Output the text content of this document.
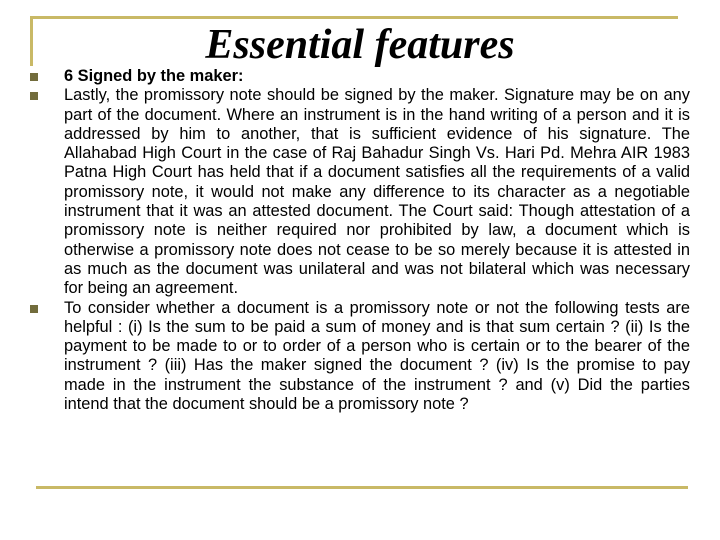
Essential features
6 Signed by the maker:
Lastly, the promissory note should be signed by the maker. Signature may be on any part of the document. Where an instrument is in the hand writing of a person and it is addressed by him to another, that is sufficient evidence of his signature. The Allahabad High Court in the case of Raj Bahadur Singh Vs. Hari Pd. Mehra AIR 1983 Patna High Court has held that if a document satisfies all the requirements of a valid promissory note, it would not make any difference to its character as a negotiable instrument that it was an attested document. The Court said: Though attestation of a promissory note is neither required nor prohibited by law, a document which is otherwise a promissory note does not cease to be so merely because it is attested in as much as the document was unilateral and was not bilateral which was necessary for being an agreement.
To consider whether a document is a promissory note or not the following tests are helpful : (i) Is the sum to be paid a sum of money and is that sum certain ? (ii) Is the payment to be made to or to order of a person who is certain or to the bearer of the instrument ? (iii) Has the maker signed the document ? (iv) Is the promise to pay made in the instrument the substance of the instrument ? and (v) Did the parties intend that the document should be a promissory note ?
